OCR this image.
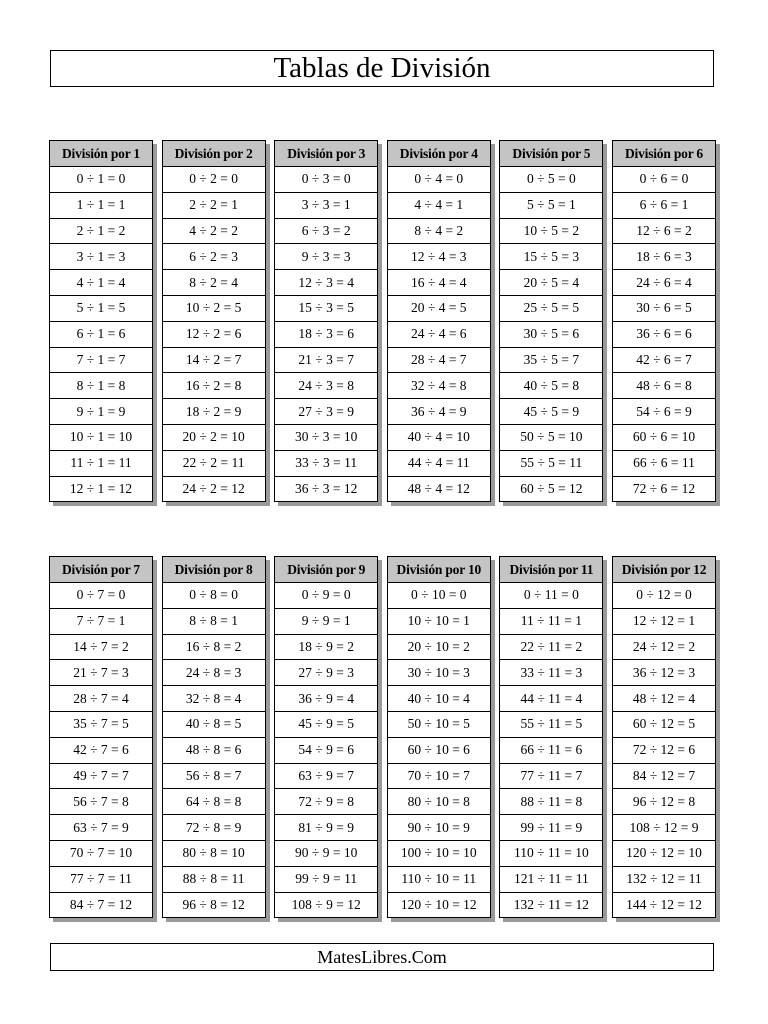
Tablas de División
División por 1
0 ÷ 1 = 0
1 ÷ 1 = 1
2 ÷ 1 = 2
3 ÷ 1 = 3
4 ÷ 1 = 4
5 ÷ 1 = 5
6 ÷ 1 = 6
7 ÷ 1 = 7
8 ÷ 1 = 8
9 ÷ 1 = 9
10 ÷ 1 = 10
11 ÷ 1 = 11
12 ÷ 1 = 12
División por 2
0 ÷ 2 = 0
2 ÷ 2 = 1
4 ÷ 2 = 2
6 ÷ 2 = 3
8 ÷ 2 = 4
10 ÷ 2 = 5
12 ÷ 2 = 6
14 ÷ 2 = 7
16 ÷ 2 = 8
18 ÷ 2 = 9
20 ÷ 2 = 10
22 ÷ 2 = 11
24 ÷ 2 = 12
División por 3
0 ÷ 3 = 0
3 ÷ 3 = 1
6 ÷ 3 = 2
9 ÷ 3 = 3
12 ÷ 3 = 4
15 ÷ 3 = 5
18 ÷ 3 = 6
21 ÷ 3 = 7
24 ÷ 3 = 8
27 ÷ 3 = 9
30 ÷ 3 = 10
33 ÷ 3 = 11
36 ÷ 3 = 12
División por 4
0 ÷ 4 = 0
4 ÷ 4 = 1
8 ÷ 4 = 2
12 ÷ 4 = 3
16 ÷ 4 = 4
20 ÷ 4 = 5
24 ÷ 4 = 6
28 ÷ 4 = 7
32 ÷ 4 = 8
36 ÷ 4 = 9
40 ÷ 4 = 10
44 ÷ 4 = 11
48 ÷ 4 = 12
División por 5
0 ÷ 5 = 0
5 ÷ 5 = 1
10 ÷ 5 = 2
15 ÷ 5 = 3
20 ÷ 5 = 4
25 ÷ 5 = 5
30 ÷ 5 = 6
35 ÷ 5 = 7
40 ÷ 5 = 8
45 ÷ 5 = 9
50 ÷ 5 = 10
55 ÷ 5 = 11
60 ÷ 5 = 12
División por 6
0 ÷ 6 = 0
6 ÷ 6 = 1
12 ÷ 6 = 2
18 ÷ 6 = 3
24 ÷ 6 = 4
30 ÷ 6 = 5
36 ÷ 6 = 6
42 ÷ 6 = 7
48 ÷ 6 = 8
54 ÷ 6 = 9
60 ÷ 6 = 10
66 ÷ 6 = 11
72 ÷ 6 = 12
División por 7
0 ÷ 7 = 0
7 ÷ 7 = 1
14 ÷ 7 = 2
21 ÷ 7 = 3
28 ÷ 7 = 4
35 ÷ 7 = 5
42 ÷ 7 = 6
49 ÷ 7 = 7
56 ÷ 7 = 8
63 ÷ 7 = 9
70 ÷ 7 = 10
77 ÷ 7 = 11
84 ÷ 7 = 12
División por 8
0 ÷ 8 = 0
8 ÷ 8 = 1
16 ÷ 8 = 2
24 ÷ 8 = 3
32 ÷ 8 = 4
40 ÷ 8 = 5
48 ÷ 8 = 6
56 ÷ 8 = 7
64 ÷ 8 = 8
72 ÷ 8 = 9
80 ÷ 8 = 10
88 ÷ 8 = 11
96 ÷ 8 = 12
División por 9
0 ÷ 9 = 0
9 ÷ 9 = 1
18 ÷ 9 = 2
27 ÷ 9 = 3
36 ÷ 9 = 4
45 ÷ 9 = 5
54 ÷ 9 = 6
63 ÷ 9 = 7
72 ÷ 9 = 8
81 ÷ 9 = 9
90 ÷ 9 = 10
99 ÷ 9 = 11
108 ÷ 9 = 12
División por 10
0 ÷ 10 = 0
10 ÷ 10 = 1
20 ÷ 10 = 2
30 ÷ 10 = 3
40 ÷ 10 = 4
50 ÷ 10 = 5
60 ÷ 10 = 6
70 ÷ 10 = 7
80 ÷ 10 = 8
90 ÷ 10 = 9
100 ÷ 10 = 10
110 ÷ 10 = 11
120 ÷ 10 = 12
División por 11
0 ÷ 11 = 0
11 ÷ 11 = 1
22 ÷ 11 = 2
33 ÷ 11 = 3
44 ÷ 11 = 4
55 ÷ 11 = 5
66 ÷ 11 = 6
77 ÷ 11 = 7
88 ÷ 11 = 8
99 ÷ 11 = 9
110 ÷ 11 = 10
121 ÷ 11 = 11
132 ÷ 11 = 12
División por 12
0 ÷ 12 = 0
12 ÷ 12 = 1
24 ÷ 12 = 2
36 ÷ 12 = 3
48 ÷ 12 = 4
60 ÷ 12 = 5
72 ÷ 12 = 6
84 ÷ 12 = 7
96 ÷ 12 = 8
108 ÷ 12 = 9
120 ÷ 12 = 10
132 ÷ 12 = 11
144 ÷ 12 = 12
MatesLibres.Com
